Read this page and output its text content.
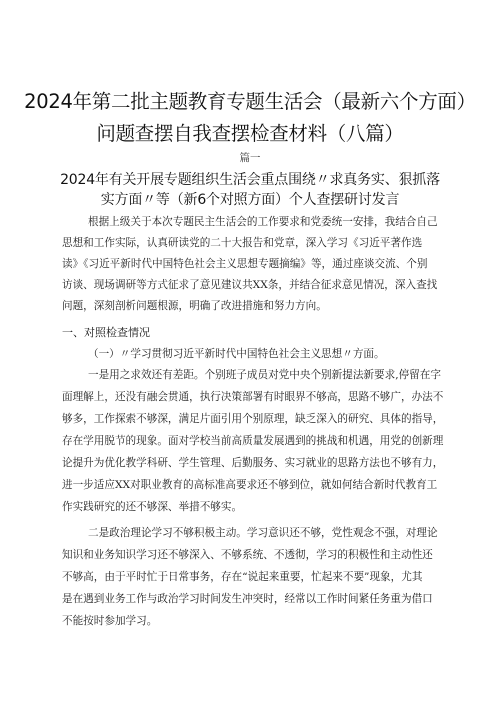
2024年第二批主题教育专题生活会（最新六个方面）
问题查摆自我查摆检查材料（八篇）
篇一
2024年有关开展专题组织生活会重点围绕〃求真务实、狠抓落
实方面〃等（新6个对照方面）个人查摆研讨发言
根据上级关于本次专题民主生活会的工作要求和党委统一安排，我结合自己
思想和工作实际，认真研读党的二十大报告和党章，深入学习《习近平著作选
读》《习近平新时代中国特色社会主义思想专题摘编》等，通过座谈交流、个别
访谈、现场调研等方式征求了意见建议共XX条，并结合征求意见情况，深入查找
问题，深刻剖析问题根源，明确了改进措施和努力方向。
一、对照检查情况
（一）〃学习贯彻习近平新时代中国特色社会主义思想〃方面。
一是用之求效还有差距。个别班子成员对党中央个别新提法新要求,停留在字
面理解上，还没有融会贯通，执行决策部署有时眼界不够高，思路不够广，办法不
够多，工作探索不够深，满足片面引用个别原理，缺乏深入的研究、具体的指导，
存在学用脱节的现象。面对学校当前高质量发展遇到的挑战和机遇，用党的创新理
论提升为优化教学科研、学生管理、后勤服务、实习就业的思路方法也不够有力，
进一步适应XX对职业教育的高标准高要求还不够到位，就如何结合新时代教育工
作实践研究的还不够深、举措不够实。
二是政治理论学习不够积极主动。学习意识还不够，党性观念不强，对理论
知识和业务知识学习还不够深入、不够系统、不透彻，学习的积极性和主动性还
不够高，由于平时忙于日常事务，存在“说起来重要，忙起来不要”现象，尤其
是在遇到业务工作与政治学习时间发生冲突时，经常以工作时间紧任务重为借口
不能按时参加学习。
